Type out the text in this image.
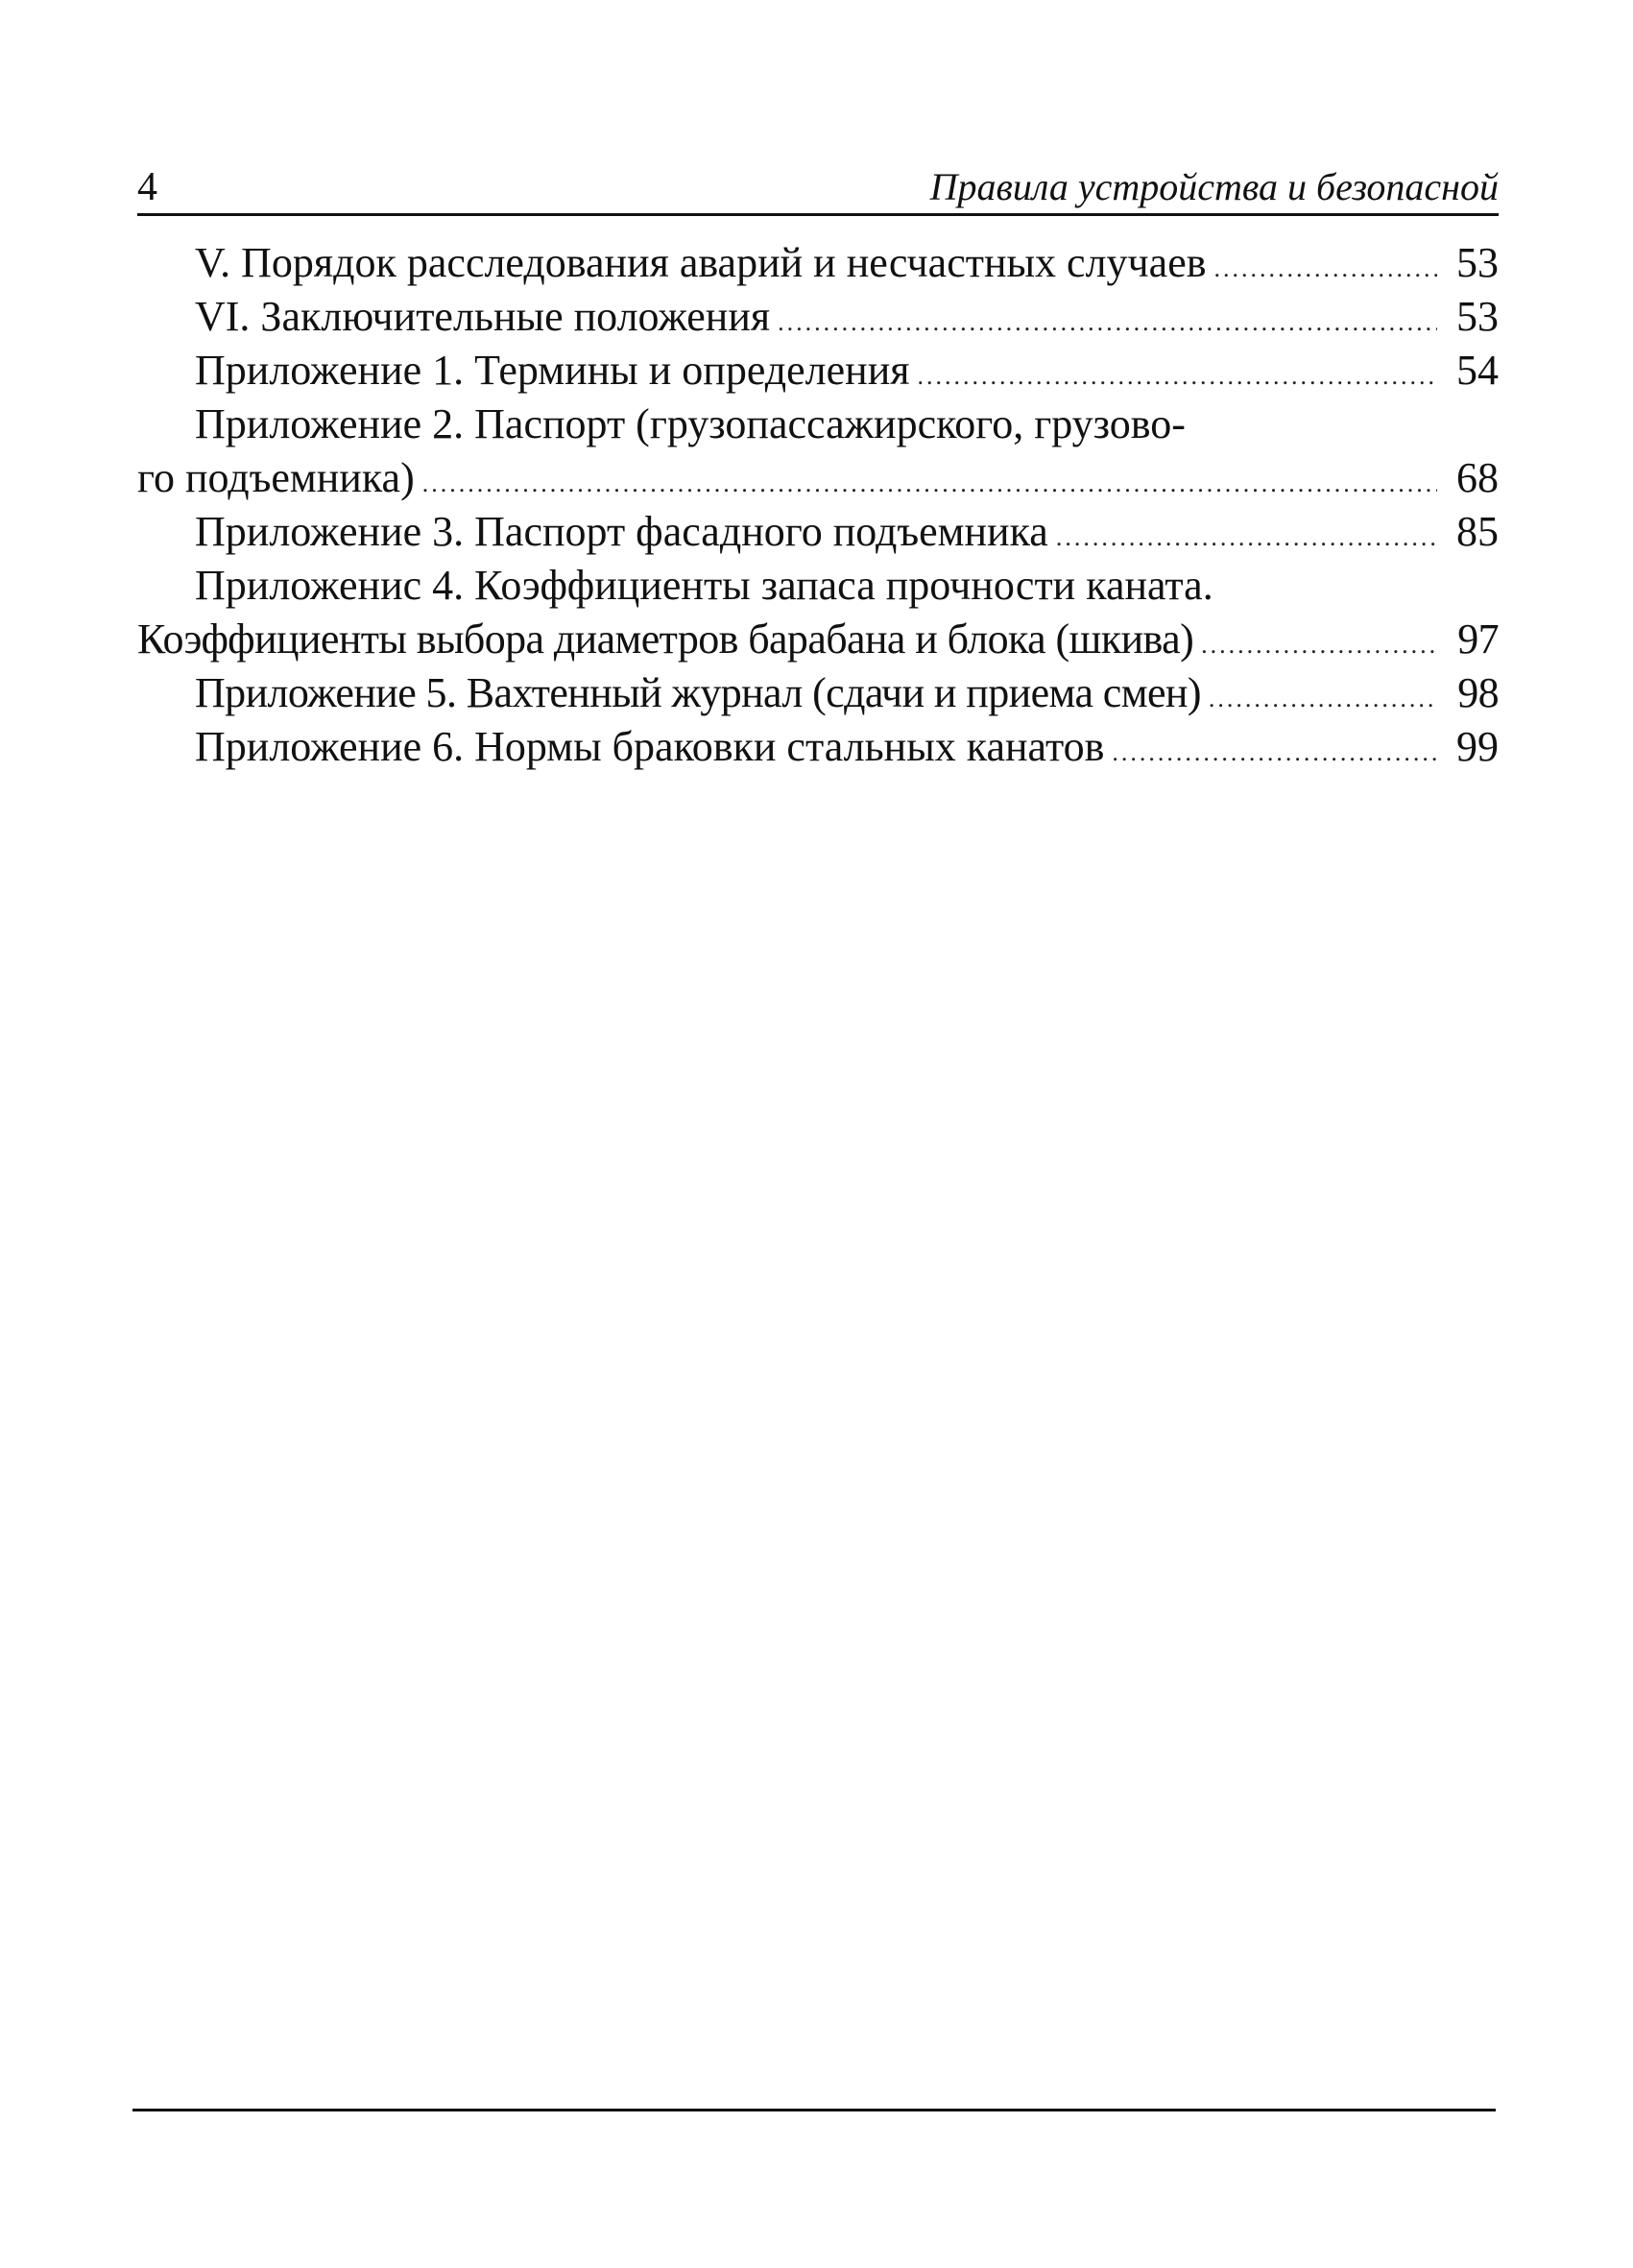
4	Правила устройства и безопасной
V. Порядок расследования аварий и несчастных случаев .....	53
VI. Заключительные положения .....	53
Приложение 1. Термины и определения .....	54
Приложение 2. Паспорт (грузопассажирского, грузово-
го подъемника) .....	68
Приложение 3. Паспорт фасадного подъемника .....	85
Приложенис 4. Коэффициенты запаса прочности каната.
Коэффициенты выбора диаметров барабана и блока (шкива) .....	97
Приложение 5. Вахтенный журнал (сдачи и приема смен) .....	98
Приложение 6. Нормы браковки стальных канатов .....	99
